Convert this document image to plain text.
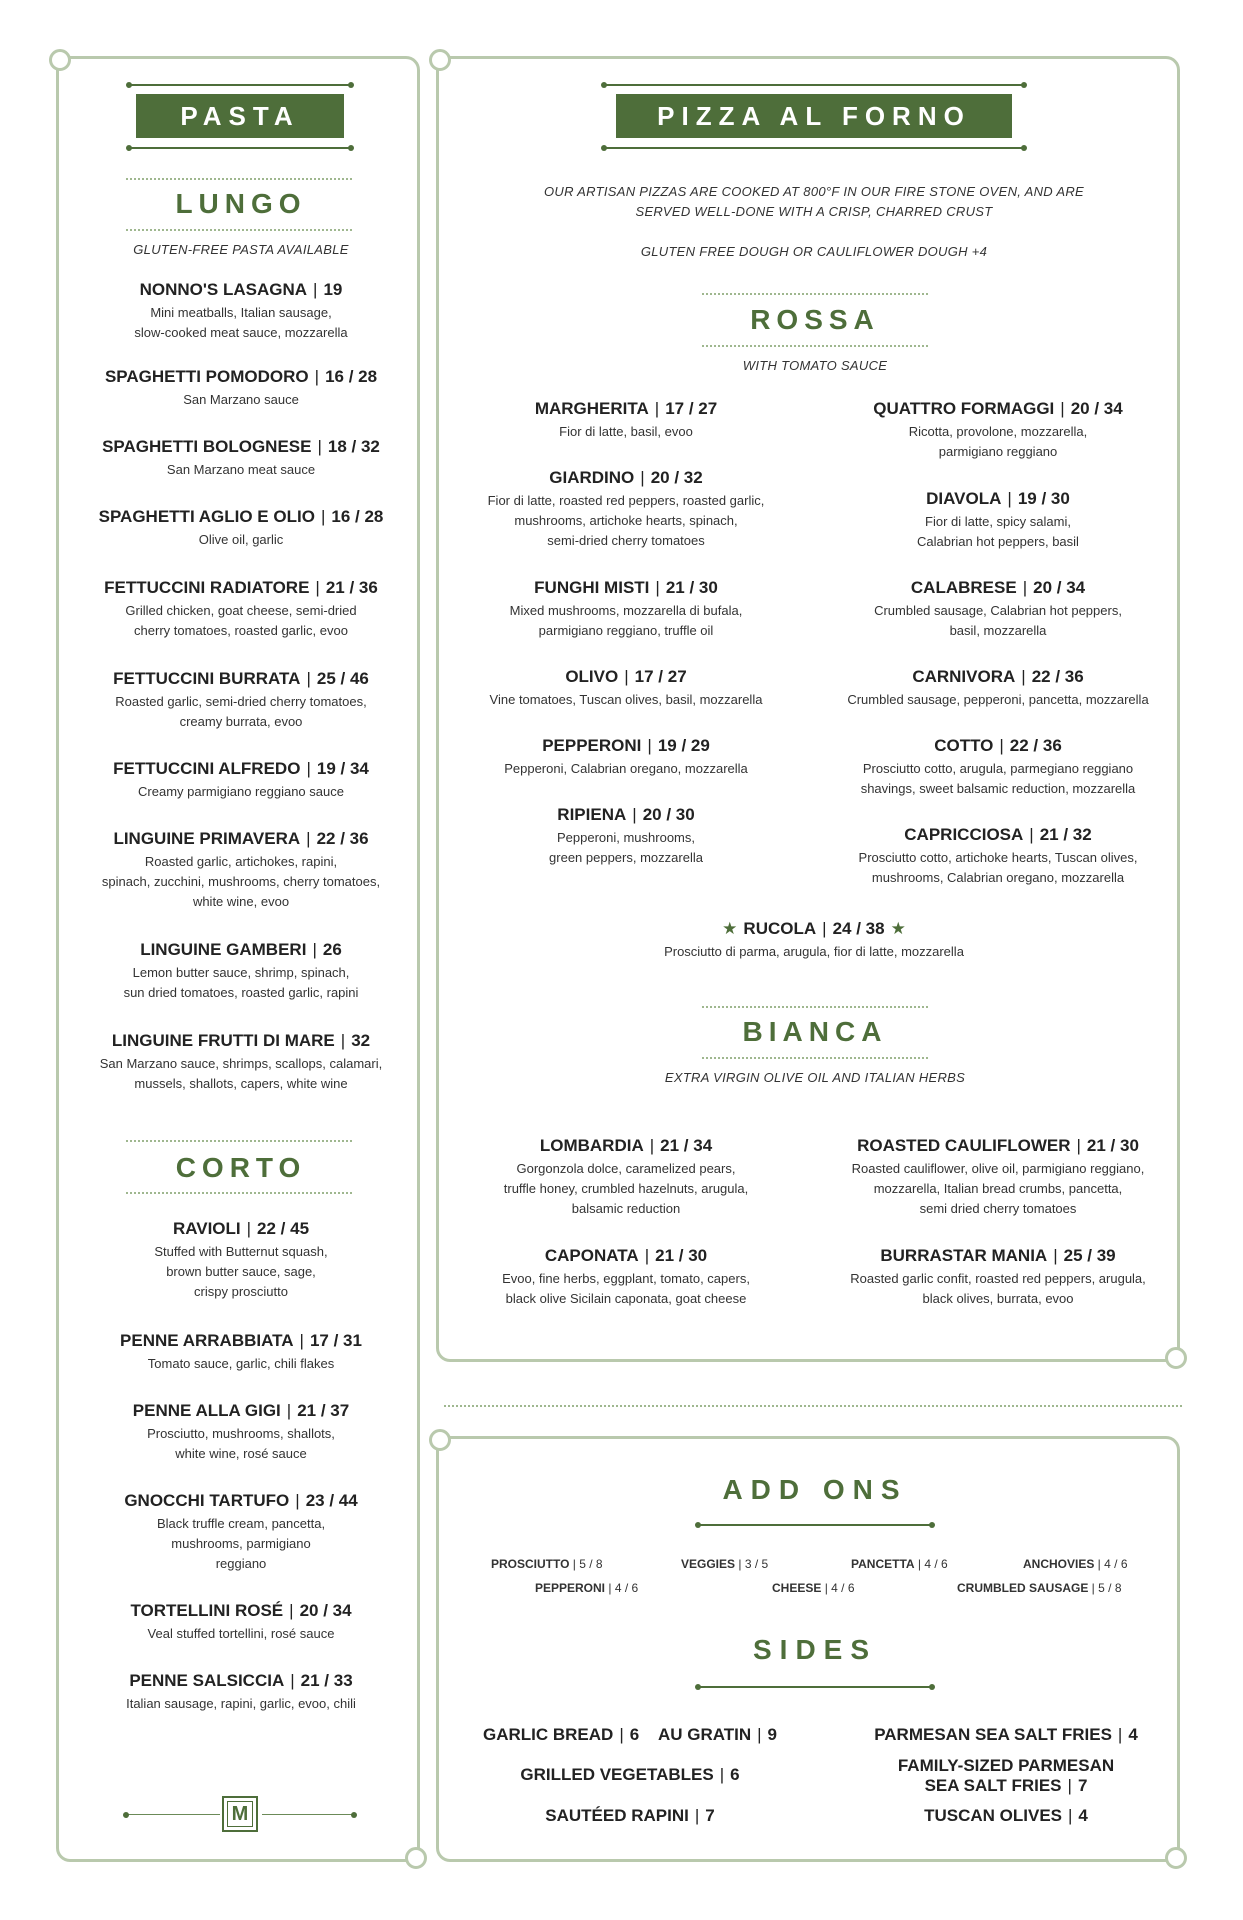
PASTA
LUNGO
GLUTEN-FREE PASTA AVAILABLE
NONNO'S LASAGNA | 19
Mini meatballs, Italian sausage,
slow-cooked meat sauce, mozzarella
SPAGHETTI POMODORO | 16 / 28
San Marzano sauce
SPAGHETTI BOLOGNESE | 18 / 32
San Marzano meat sauce
SPAGHETTI AGLIO E OLIO | 16 / 28
Olive oil, garlic
FETTUCCINI RADIATORE | 21 / 36
Grilled chicken, goat cheese, semi-dried
cherry tomatoes, roasted garlic, evoo
FETTUCCINI BURRATA | 25 / 46
Roasted garlic, semi-dried cherry tomatoes,
creamy burrata, evoo
FETTUCCINI ALFREDO | 19 / 34
Creamy parmigiano reggiano sauce
LINGUINE PRIMAVERA | 22 / 36
Roasted garlic, artichokes, rapini,
spinach, zucchini, mushrooms, cherry tomatoes,
white wine, evoo
LINGUINE GAMBERI | 26
Lemon butter sauce, shrimp, spinach,
sun dried tomatoes, roasted garlic, rapini
LINGUINE FRUTTI DI MARE | 32
San Marzano sauce, shrimps, scallops, calamari,
mussels, shallots, capers, white wine
CORTO
RAVIOLI | 22 / 45
Stuffed with Butternut squash,
brown butter sauce, sage,
crispy prosciutto
PENNE ARRABBIATA | 17 / 31
Tomato sauce, garlic, chili flakes
PENNE ALLA GIGI | 21 / 37
Prosciutto, mushrooms, shallots,
white wine, rosé sauce
GNOCCHI TARTUFO | 23 / 44
Black truffle cream, pancetta,
mushrooms, parmigiano
reggiano
TORTELLINI ROSÉ | 20 / 34
Veal stuffed tortellini, rosé sauce
PENNE SALSICCIA | 21 / 33
Italian sausage, rapini, garlic, evoo, chili
M
PIZZA AL FORNO
OUR ARTISAN PIZZAS ARE COOKED AT 800°F IN OUR FIRE STONE OVEN, AND ARE
SERVED WELL-DONE WITH A CRISP, CHARRED CRUST
GLUTEN FREE DOUGH OR CAULIFLOWER DOUGH +4
ROSSA
WITH TOMATO SAUCE
MARGHERITA | 17 / 27
Fior di latte, basil, evoo
GIARDINO | 20 / 32
Fior di latte, roasted red peppers, roasted garlic,
mushrooms, artichoke hearts, spinach,
semi-dried cherry tomatoes
FUNGHI MISTI | 21 / 30
Mixed mushrooms, mozzarella di bufala,
parmigiano reggiano, truffle oil
OLIVO | 17 / 27
Vine tomatoes, Tuscan olives, basil, mozzarella
PEPPERONI | 19 / 29
Pepperoni, Calabrian oregano, mozzarella
RIPIENA | 20 / 30
Pepperoni, mushrooms,
green peppers, mozzarella
QUATTRO FORMAGGI | 20 / 34
Ricotta, provolone, mozzarella,
parmigiano reggiano
DIAVOLA | 19 / 30
Fior di latte, spicy salami,
Calabrian hot peppers, basil
CALABRESE | 20 / 34
Crumbled sausage, Calabrian hot peppers,
basil, mozzarella
CARNIVORA | 22 / 36
Crumbled sausage, pepperoni, pancetta, mozzarella
COTTO | 22 / 36
Prosciutto cotto, arugula, parmegiano reggiano
shavings, sweet balsamic reduction, mozzarella
CAPRICCIOSA | 21 / 32
Prosciutto cotto, artichoke hearts, Tuscan olives,
mushrooms, Calabrian oregano, mozzarella
★ RUCOLA | 24 / 38 ★
Prosciutto di parma, arugula, fior di latte, mozzarella
BIANCA
EXTRA VIRGIN OLIVE OIL AND ITALIAN HERBS
LOMBARDIA | 21 / 34
Gorgonzola dolce, caramelized pears,
truffle honey, crumbled hazelnuts, arugula,
balsamic reduction
CAPONATA | 21 / 30
Evoo, fine herbs, eggplant, tomato, capers,
black olive Sicilain caponata, goat cheese
ROASTED CAULIFLOWER | 21 / 30
Roasted cauliflower, olive oil, parmigiano reggiano,
mozzarella, Italian bread crumbs, pancetta,
semi dried cherry tomatoes
BURRASTAR MANIA | 25 / 39
Roasted garlic confit, roasted red peppers, arugula,
black olives, burrata, evoo
ADD ONS
PROSCIUTTO | 5 / 8	VEGGIES | 3 / 5	PANCETTA | 4 / 6	ANCHOVIES | 4 / 6
PEPPERONI | 4 / 6	CHEESE | 4 / 6	CRUMBLED SAUSAGE | 5 / 8
SIDES
GARLIC BREAD | 6 AU GRATIN | 9
GRILLED VEGETABLES | 6
SAUTÉED RAPINI | 7
PARMESAN SEA SALT FRIES | 4
FAMILY-SIZED PARMESAN
SEA SALT FRIES | 7
TUSCAN OLIVES | 4
